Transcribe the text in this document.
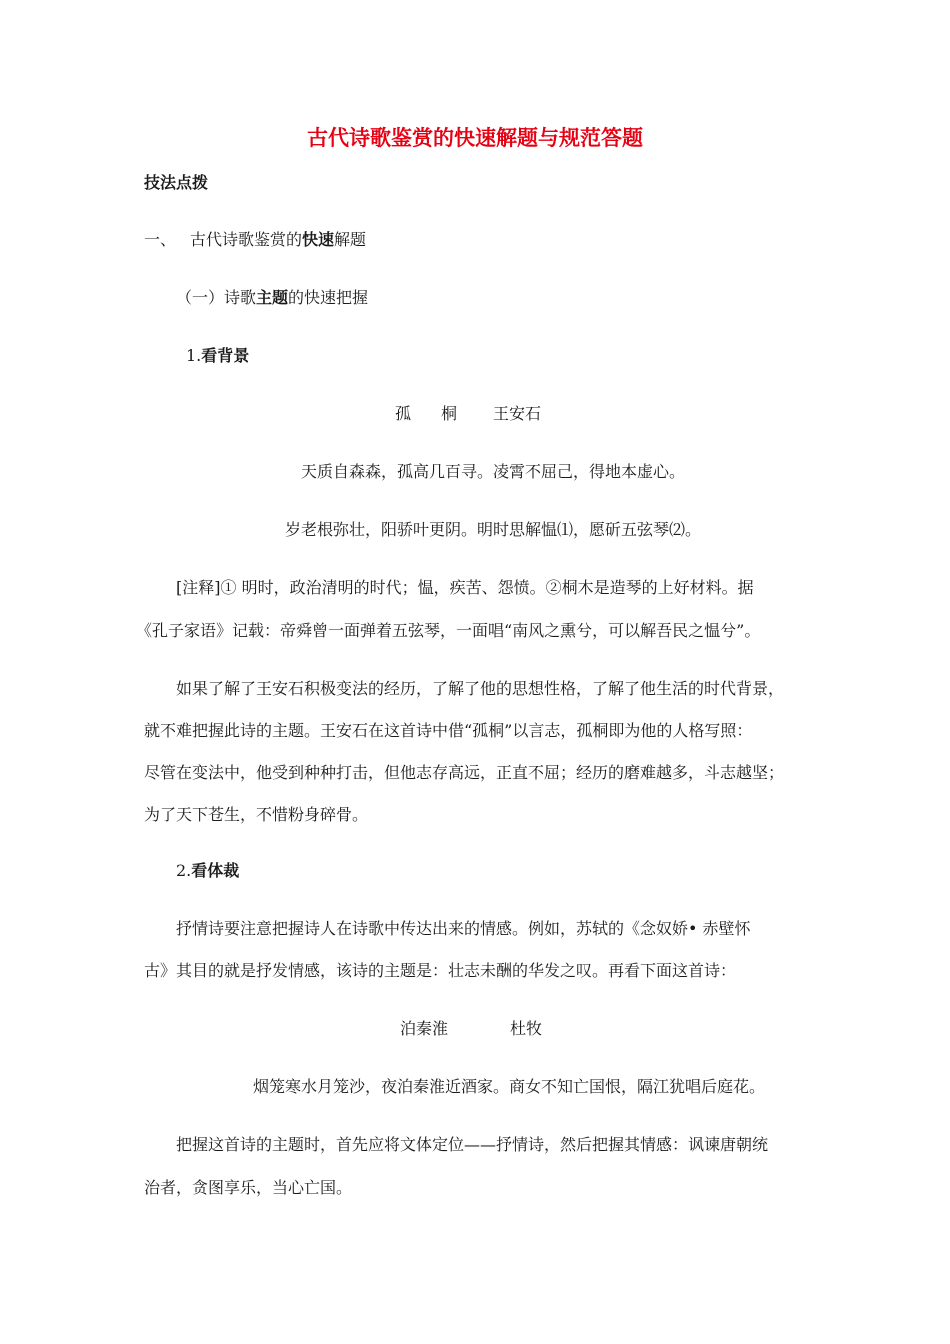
古代诗歌鉴赏的快速解题与规范答题

技法点拨

一、 古代诗歌鉴赏的快速解题

（一）诗歌主题的快速把握

1.看背景

孤 桐 王安石

天质自森森，孤高几百寻。凌霄不屈己，得地本虚心。

岁老根弥壮，阳骄叶更阴。明时思解愠⑴，愿斫五弦琴⑵。

[注释]① 明时，政治清明的时代；愠，疾苦、怨愤。②桐木是造琴的上好材料。据

《孔子家语》记载：帝舜曾一面弹着五弦琴，一面唱“南风之熏兮，可以解吾民之愠兮”。

如果了解了王安石积极变法的经历，了解了他的思想性格，了解了他生活的时代背景，

就不难把握此诗的主题。王安石在这首诗中借“孤桐”以言志，孤桐即为他的人格写照：

尽管在变法中，他受到种种打击，但他志存高远，正直不屈；经历的磨难越多，斗志越坚；

为了天下苍生，不惜粉身碎骨。

2.看体裁

抒情诗要注意把握诗人在诗歌中传达出来的情感。例如，苏轼的《念奴娇• 赤壁怀

古》其目的就是抒发情感，该诗的主题是：壮志未酬的华发之叹。再看下面这首诗：

泊秦淮	杜牧

烟笼寒水月笼沙，夜泊秦淮近酒家。商女不知亡国恨，隔江犹唱后庭花。

把握这首诗的主题时，首先应将文体定位——抒情诗，然后把握其情感：讽谏唐朝统

治者，贪图享乐，当心亡国。
